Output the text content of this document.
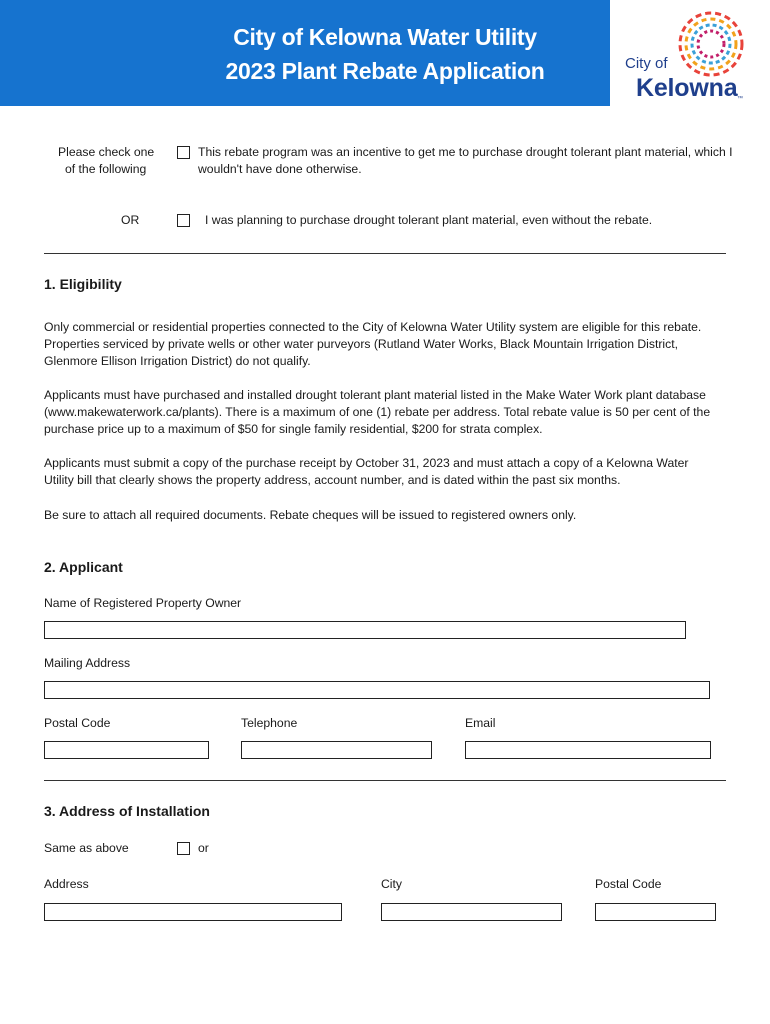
City of Kelowna Water Utility
2023 Plant Rebate Application	City of
Kelowna ™
Please check one
of the following
This rebate program was an incentive to get me to purchase drought tolerant plant material, which I
wouldn't have done otherwise.
OR	I was planning to purchase drought tolerant plant material, even without the rebate.
1. Eligibility
Only commercial or residential properties connected to the City of Kelowna Water Utility system are eligible for this rebate.
Properties serviced by private wells or other water purveyors (Rutland Water Works, Black Mountain Irrigation District,
Glenmore Ellison Irrigation District) do not qualify.
Applicants must have purchased and installed drought tolerant plant material listed in the Make Water Work plant database
(www.makewaterwork.ca/plants). There is a maximum of one (1) rebate per address. Total rebate value is 50 per cent of the
purchase price up to a maximum of $50 for single family residential, $200 for strata complex.
Applicants must submit a copy of the purchase receipt by October 31, 2023 and must attach a copy of a Kelowna Water
Utility bill that clearly shows the property address, account number, and is dated within the past six months.
Be sure to attach all required documents. Rebate cheques will be issued to registered owners only.
2. Applicant
Name of Registered Property Owner
Mailing Address
Postal Code	Telephone	Email
3. Address of Installation
Same as above	or
Address	City	Postal Code
